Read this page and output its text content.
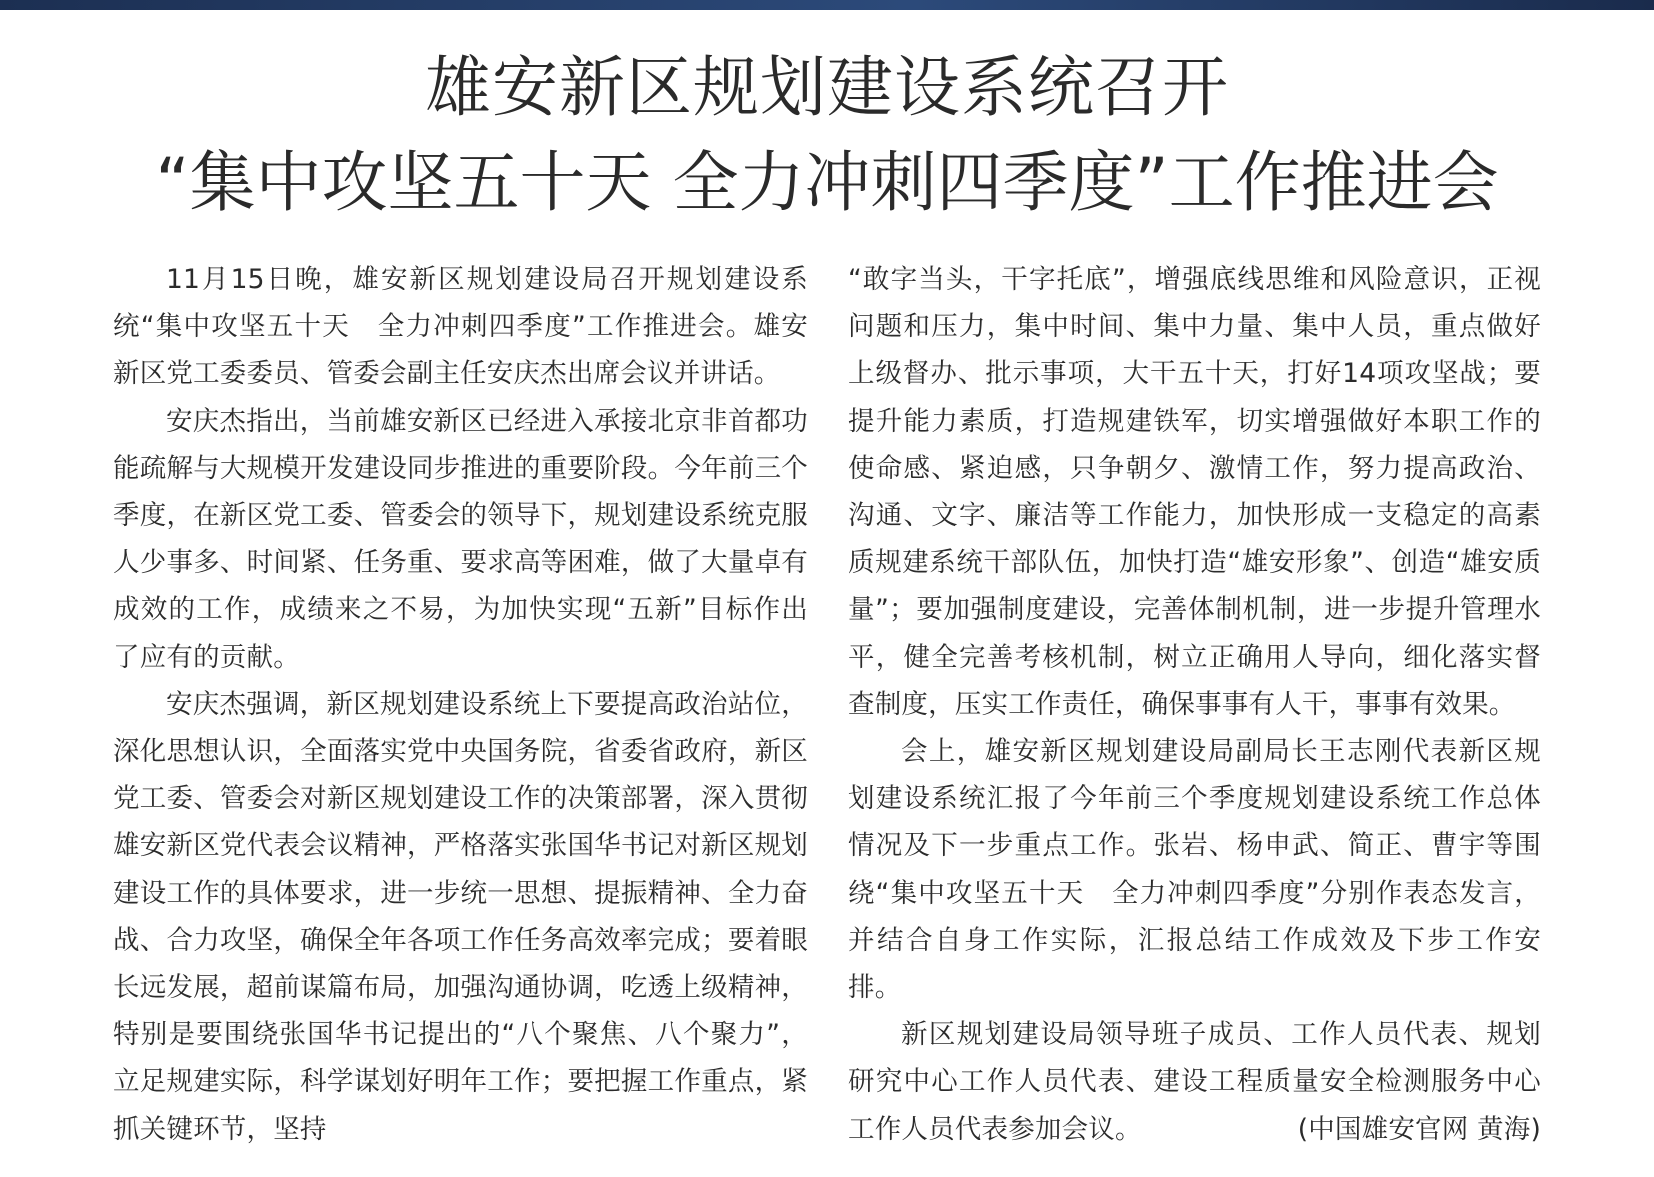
雄安新区规划建设系统召开
“集中攻坚五十天 全力冲刺四季度”工作推进会

11月15日晚，雄安新区规划建设局召开规划建设系统“集中攻坚五十天　全力冲刺四季度”工作推进会。雄安新区党工委委员、管委会副主任安庆杰出席会议并讲话。

安庆杰指出，当前雄安新区已经进入承接北京非首都功能疏解与大规模开发建设同步推进的重要阶段。今年前三个季度，在新区党工委、管委会的领导下，规划建设系统克服人少事多、时间紧、任务重、要求高等困难，做了大量卓有成效的工作，成绩来之不易，为加快实现“五新”目标作出了应有的贡献。

安庆杰强调，新区规划建设系统上下要提高政治站位，深化思想认识，全面落实党中央国务院，省委省政府，新区党工委、管委会对新区规划建设工作的决策部署，深入贯彻雄安新区党代表会议精神，严格落实张国华书记对新区规划建设工作的具体要求，进一步统一思想、提振精神、全力奋战、合力攻坚，确保全年各项工作任务高效率完成；要着眼长远发展，超前谋篇布局，加强沟通协调，吃透上级精神，特别是要围绕张国华书记提出的“八个聚焦、八个聚力”，立足规建实际，科学谋划好明年工作；要把握工作重点，紧抓关键环节，坚持

“敢字当头，干字托底”，增强底线思维和风险意识，正视问题和压力，集中时间、集中力量、集中人员，重点做好上级督办、批示事项，大干五十天，打好14项攻坚战；要提升能力素质，打造规建铁军，切实增强做好本职工作的使命感、紧迫感，只争朝夕、激情工作，努力提高政治、沟通、文字、廉洁等工作能力，加快形成一支稳定的高素质规建系统干部队伍，加快打造“雄安形象”、创造“雄安质量”；要加强制度建设，完善体制机制，进一步提升管理水平，健全完善考核机制，树立正确用人导向，细化落实督查制度，压实工作责任，确保事事有人干，事事有效果。

会上，雄安新区规划建设局副局长王志刚代表新区规划建设系统汇报了今年前三个季度规划建设系统工作总体情况及下一步重点工作。张岩、杨申武、简正、曹宇等围绕“集中攻坚五十天　全力冲刺四季度”分别作表态发言，并结合自身工作实际，汇报总结工作成效及下步工作安排。

新区规划建设局领导班子成员、工作人员代表、规划研究中心工作人员代表、建设工程质量安全检测服务中心工作人员代表参加会议。	(中国雄安官网 黄海)
